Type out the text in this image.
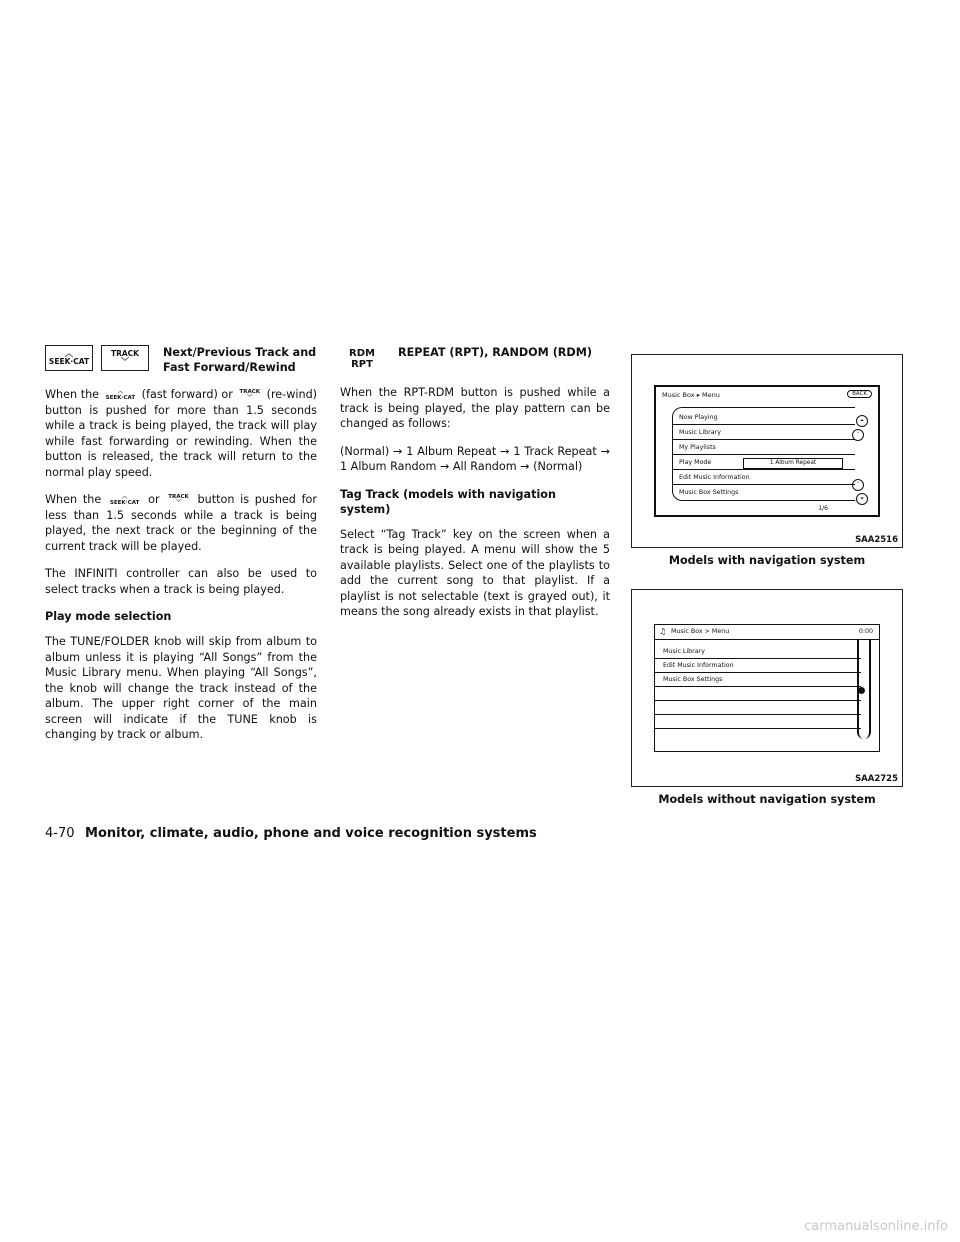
︿
SEEK·CAT
TRACK
﹀
Next/Previous Track and
Fast Forward/Rewind

When the	︿
SEEK·CAT (fast forward) or TRACK
﹀ (re-wind) button is pushed for more than 1.5 seconds while a track is being played, the track will play while fast forwarding or rewinding. When the button is released, the track will return to the normal play speed.

When the	︿
SEEK·CAT or TRACK
﹀ button is pushed for less than 1.5 seconds while a track is being played, the next track or the beginning of the current track will be played.

The INFINITI controller can also be used to select tracks when a track is being played.

Play mode selection

The TUNE/FOLDER knob will skip from album to album unless it is playing “All Songs” from the Music Library menu. When playing “All Songs”, the knob will change the track instead of the album. The upper right corner of the main screen will indicate if the TUNE knob is changing by track or album.

RDM
RPT
REPEAT (RPT), RANDOM (RDM)

When the RPT-RDM button is pushed while a track is being played, the play pattern can be changed as follows:

(Normal) → 1 Album Repeat → 1 Track Repeat → 1 Album Random → All Random → (Normal)

Tag Track (models with navigation system)

Select “Tag Track” key on the screen when a track is being played. A menu will show the 5 available playlists. Select one of the playlists to add the current song to that playlist. If a playlist is not selectable (text is grayed out), it means the song already exists in that playlist.

Music Box ▸ Menu	BACK
Now Playing
Music Library
My Playlists
Play Mode	1 Album Repeat
Edit Music Information
Music Box Settings
⏶
˄
˅
⏷
1/6
SAA2516
Models with navigation system
♫ Music Box > Menu	0:00
Music Library
Edit Music Information
Music Box Settings
SAA2725
Models without navigation system
4-70 Monitor, climate, audio, phone and voice recognition systems
carmanualsonline.info
